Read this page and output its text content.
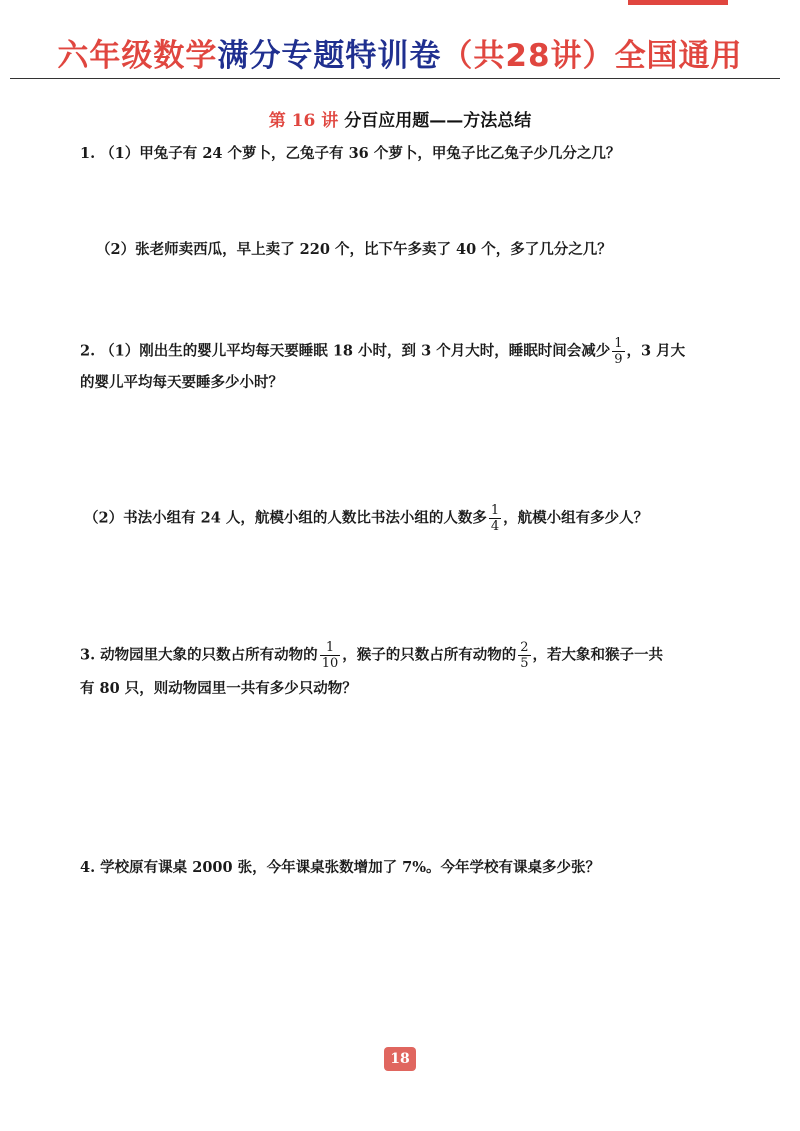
六年级数学满分专题特训卷（共28讲）全国通用
第 16 讲 分百应用题——方法总结
1. （1）甲兔子有 24 个萝卜，乙兔子有 36 个萝卜，甲兔子比乙兔子少几分之几？
（2）张老师卖西瓜，早上卖了 220 个，比下午多卖了 40 个，多了几分之几？
2. （1）刚出生的婴儿平均每天要睡眠 18 小时，到 3 个月大时，睡眠时间会减少 $\frac{1}{9}$ ，3 月大
的婴儿平均每天要睡多少小时？
（2）书法小组有 24 人，航模小组的人数比书法小组的人数多 $\frac{1}{4}$ ，航模小组有多少人？
3. 动物园里大象的只数占所有动物的 $\frac{1}{10}$ ，猴子的只数占所有动物的 $\frac{2}{5}$ ，若大象和猴子一共
有 80 只，则动物园里一共有多少只动物？
4. 学校原有课桌 2000 张，今年课桌张数增加了 7%。今年学校有课桌多少张？
18
